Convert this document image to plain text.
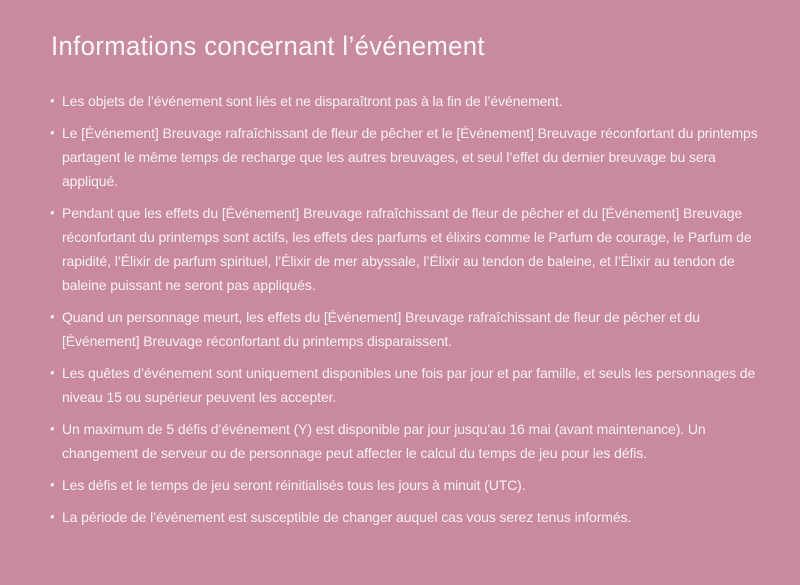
Informations concernant l’événement
• Les objets de l’événement sont liés et ne disparaîtront pas à la fin de l’événement.
• Le [Événement] Breuvage rafraîchissant de fleur de pêcher et le [Événement] Breuvage réconfortant du printemps partagent le même temps de recharge que les autres breuvages, et seul l’effet du dernier breuvage bu sera appliqué.
• Pendant que les effets du [Événement] Breuvage rafraîchissant de fleur de pêcher et du [Événement] Breuvage réconfortant du printemps sont actifs, les effets des parfums et élixirs comme le Parfum de courage, le Parfum de rapidité, l’Élixir de parfum spirituel, l’Élixir de mer abyssale, l’Élixir au tendon de baleine, et l’Élixir au tendon de baleine puissant ne seront pas appliqués.
• Quand un personnage meurt, les effets du [Événement] Breuvage rafraîchissant de fleur de pêcher et du [Événement] Breuvage réconfortant du printemps disparaissent.
• Les quêtes d’événement sont uniquement disponibles une fois par jour et par famille, et seuls les personnages de niveau 15 ou supérieur peuvent les accepter.
• Un maximum de 5 défis d’événement (Y) est disponible par jour jusqu’au 16 mai (avant maintenance). Un changement de serveur ou de personnage peut affecter le calcul du temps de jeu pour les défis.
• Les défis et le temps de jeu seront réinitialisés tous les jours à minuit (UTC).
• La période de l’événement est susceptible de changer auquel cas vous serez tenus informés.
